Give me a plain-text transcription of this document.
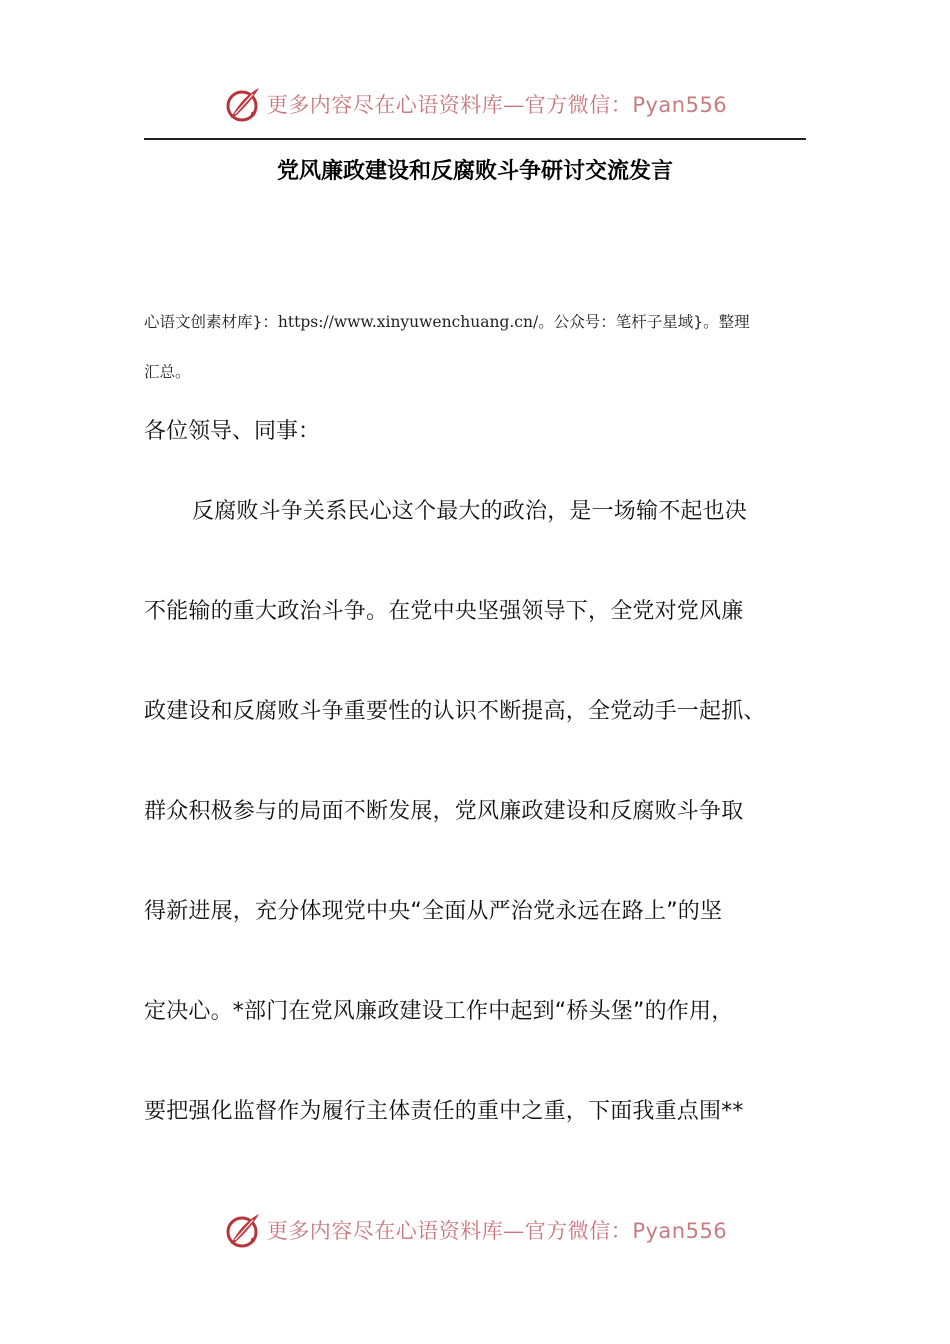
更多内容尽在心语资料库—官方微信：Pyan556
党风廉政建设和反腐败斗争研讨交流发言
心语文创素材库}：https://www.xinyuwenchuang.cn/。公众号：笔杆子星域}。整理
汇总。
各位领导、同事：
反腐败斗争关系民心这个最大的政治，是一场输不起也决
不能输的重大政治斗争。在党中央坚强领导下，全党对党风廉
政建设和反腐败斗争重要性的认识不断提高，全党动手一起抓、
群众积极参与的局面不断发展，党风廉政建设和反腐败斗争取
得新进展，充分体现党中央“全面从严治党永远在路上”的坚
定决心。*部门在党风廉政建设工作中起到“桥头堡”的作用，
要把强化监督作为履行主体责任的重中之重，下面我重点围**
更多内容尽在心语资料库—官方微信：Pyan556
